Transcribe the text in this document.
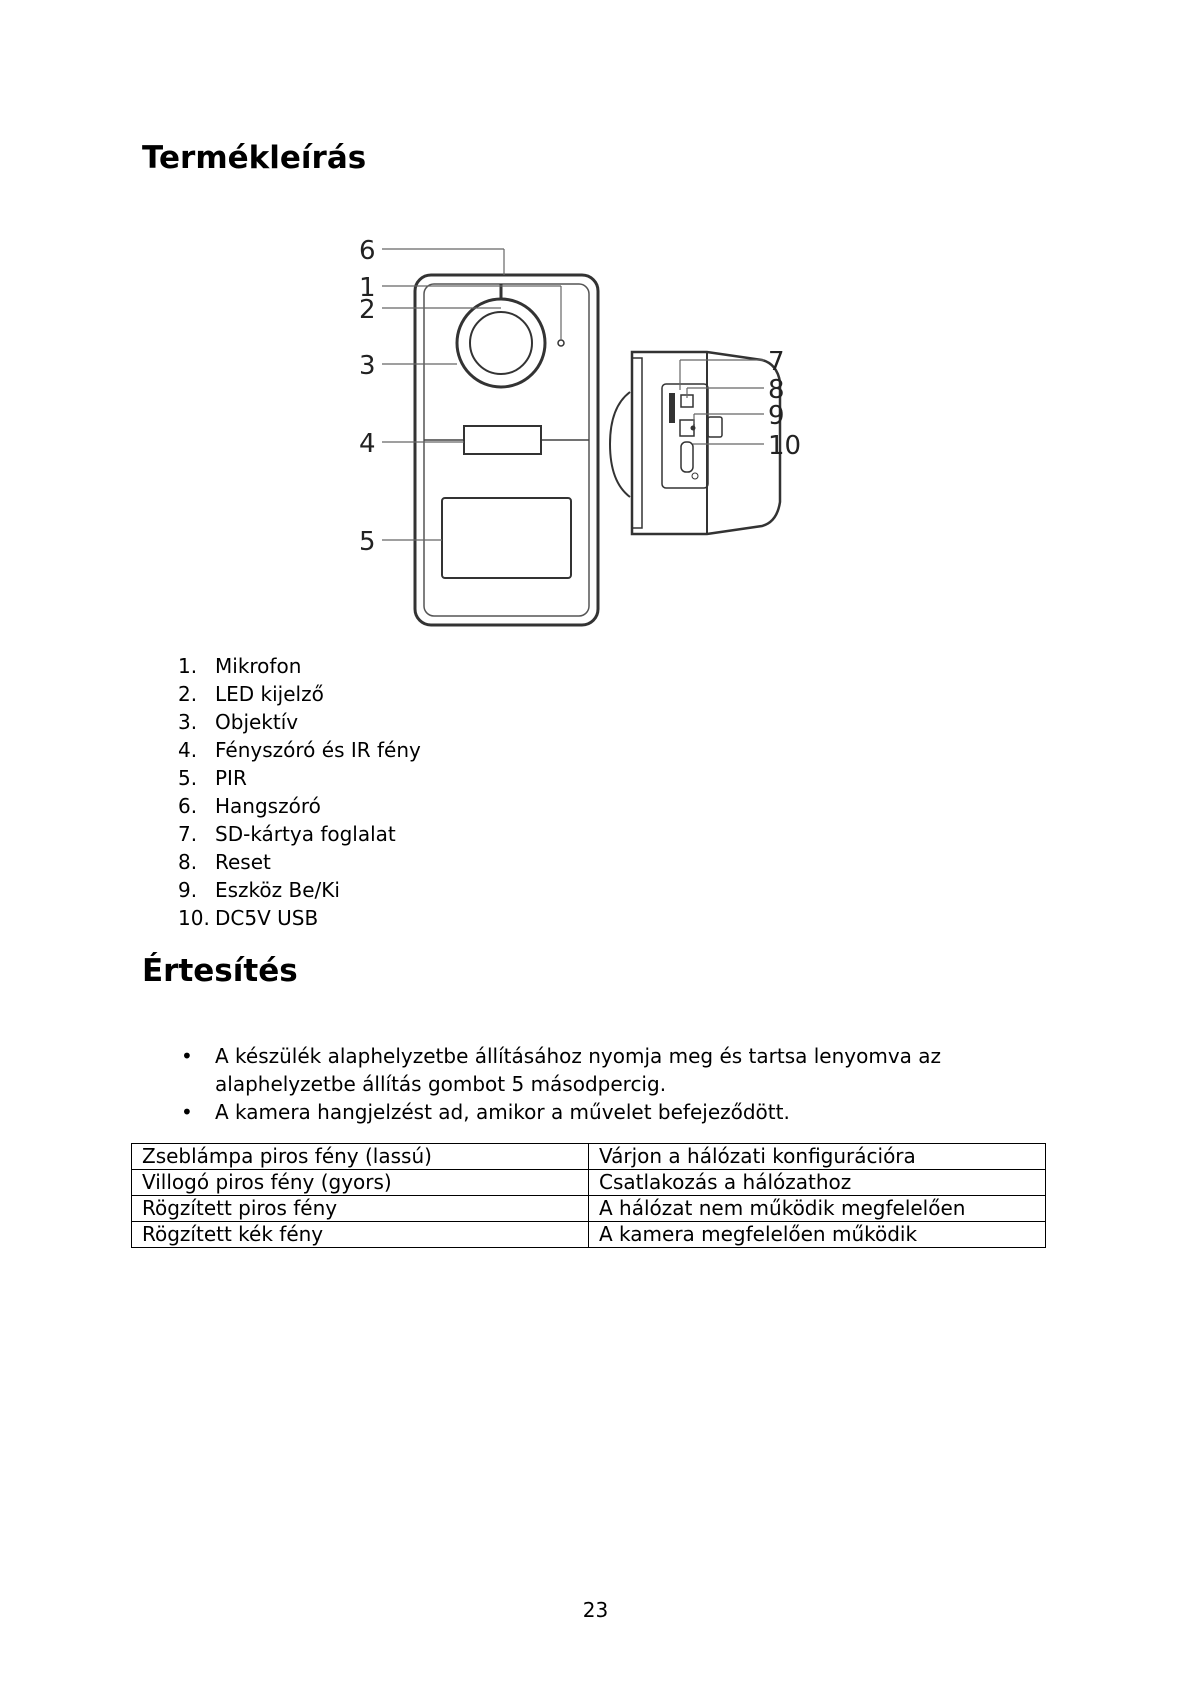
Termékleírás
6
1
2
3
4
5
7
8
9
10
1. Mikrofon
2. LED kijelző
3. Objektív
4. Fényszóró és IR fény
5. PIR
6. Hangszóró
7. SD-kártya foglalat
8. Reset
9. Eszköz Be/Ki
10. DC5V USB
Értesítés
• A készülék alaphelyzetbe állításához nyomja meg és tartsa lenyomva az alaphelyzetbe állítás gombot 5 másodpercig.
• A kamera hangjelzést ad, amikor a művelet befejeződött.
Zseblámpa piros fény (lassú)	Várjon a hálózati konfigurációra
Villogó piros fény (gyors)	Csatlakozás a hálózathoz
Rögzített piros fény	A hálózat nem működik megfelelően
Rögzített kék fény	A kamera megfelelően működik
23
